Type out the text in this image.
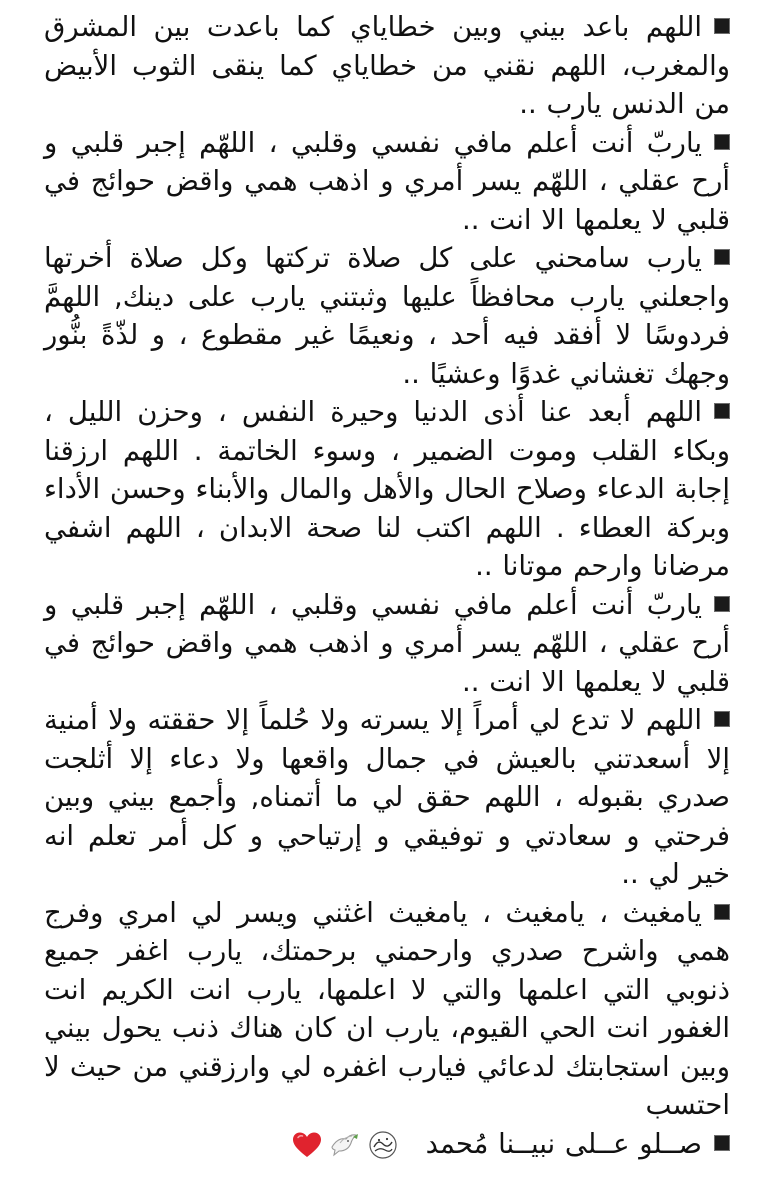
اللهم باعد بيني وبين خطاياي كما باعدت بين المشرق والمغرب، اللهم نقني من خطاياي كما ينقى الثوب الأبيض من الدنس يارب ..

ياربّ أنت أعلم مافي نفسي وقلبي ، اللهّم إجبر قلبي و أرح عقلي ، اللهّم يسر أمري و اذهب همي واقض حوائج في قلبي لا يعلمها الا انت ..

يارب سامحني على كل صلاة تركتها وكل صلاة أخرتها واجعلني يارب محافظاً عليها وثبتني يارب على دينك, اللهمَّ فردوسًا لا أفقد فيه أحد ، ونعيمًا غير مقطوع ، و لذّةً بنُّور وجهك تغشاني غدوًا وعشيًا ..

اللهم أبعد عنا أذى الدنيا وحيرة النفس ، وحزن الليل ، وبكاء القلب وموت الضمير ، وسوء الخاتمة . اللهم ارزقنا إجابة الدعاء وصلاح الحال والأهل والمال والأبناء وحسن الأداء وبركة العطاء . اللهم اكتب لنا صحة الابدان ، اللهم اشفي مرضانا وارحم موتانا ..

ياربّ أنت أعلم مافي نفسي وقلبي ، اللهّم إجبر قلبي و أرح عقلي ، اللهّم يسر أمري و اذهب همي واقض حوائج في قلبي لا يعلمها الا انت ..

اللهم لا تدع لي أمراً إلا يسرته ولا حُلماً إلا حققته ولا أمنية إلا أسعدتني بالعيش في جمال واقعها ولا دعاء إلا أثلجت صدري بقبوله ، اللهم حقق لي ما أتمناه, وأجمع بيني وبين فرحتي و سعادتي و توفيقي و إرتياحي و كل أمر تعلم انه خير لي ..

يامغيث ، يامغيث ، يامغيث اغثني ويسر لي امري وفرج همي واشرح صدري وارحمني برحمتك، يارب اغفر جميع ذنوبي التي اعلمها والتي لا اعلمها، يارب انت الكريم انت الغفور انت الحي القيوم، يارب ان كان هناك ذنب يحول بيني وبين استجابتك لدعائي فيارب اغفره لي وارزقني من حيث لا احتسب

صــلو عــلى نبيــنا مُحمد
